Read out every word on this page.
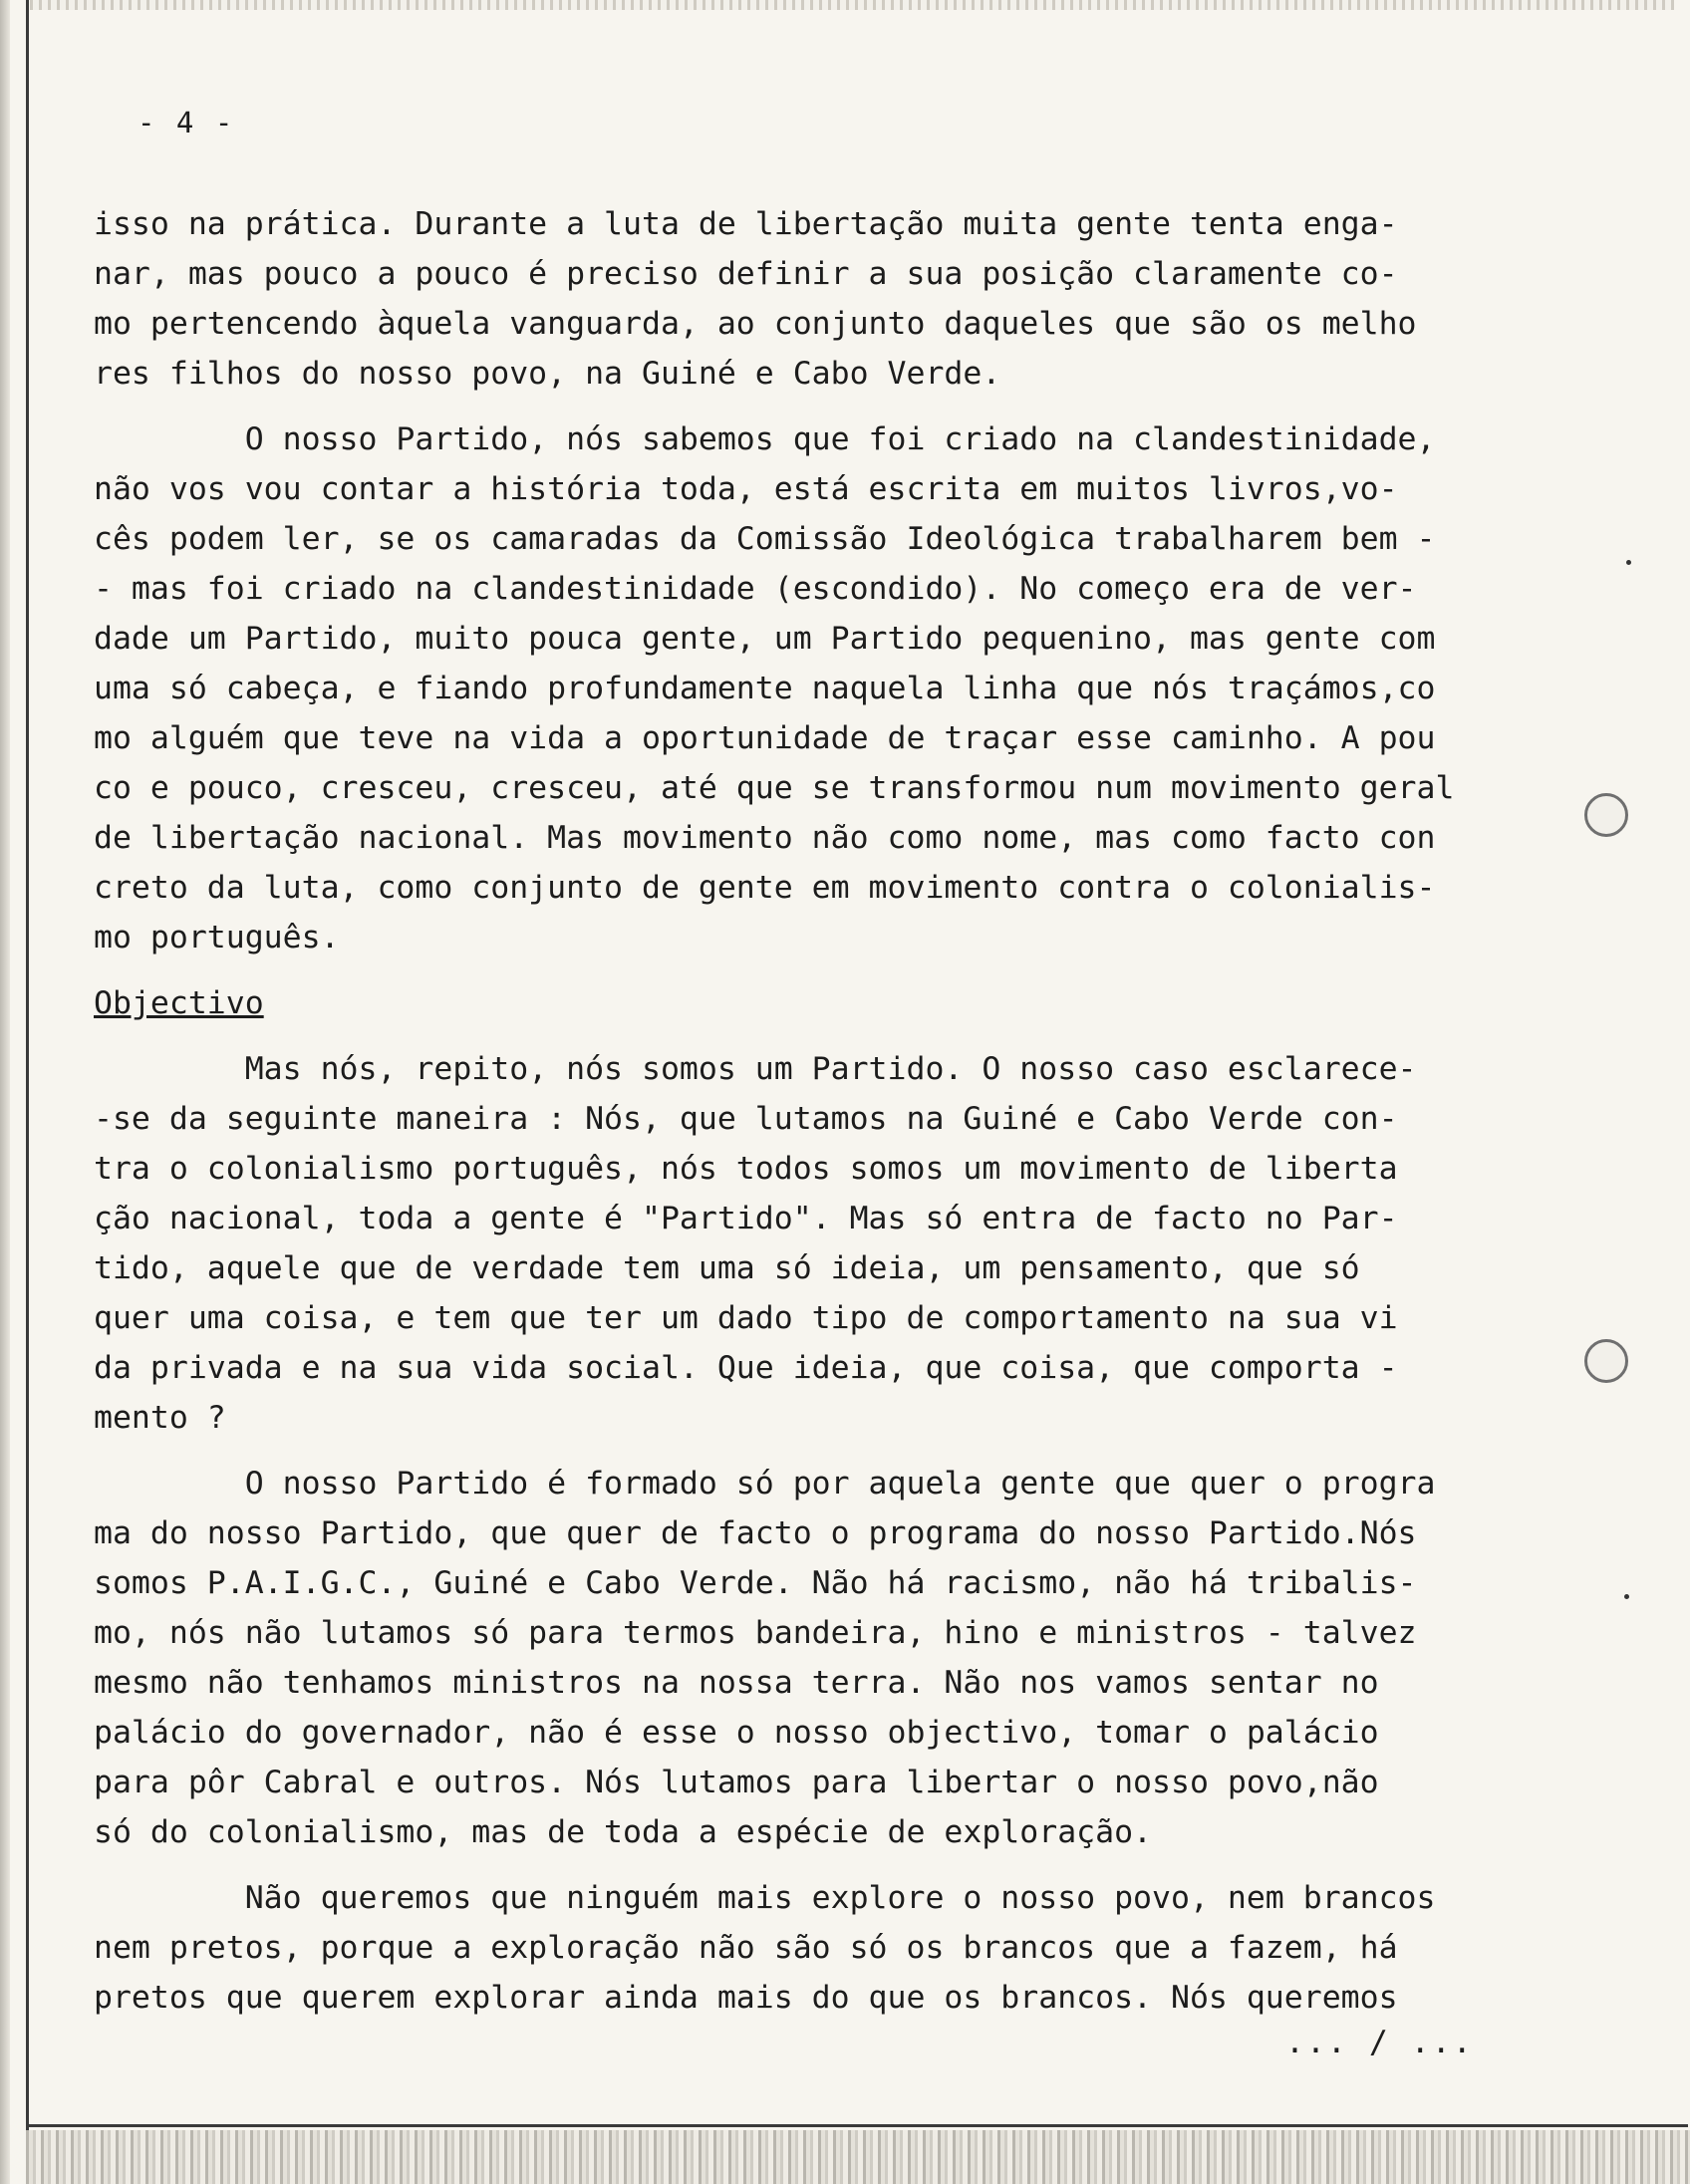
- 4 -

isso na prática. Durante a luta de libertação muita gente tenta enga-
nar, mas pouco a pouco é preciso definir a sua posição claramente co-
mo pertencendo àquela vanguarda, ao conjunto daqueles que são os melho
res filhos do nosso povo, na Guiné e Cabo Verde.

O nosso Partido, nós sabemos que foi criado na clandestinidade,
não vos vou contar a história toda, está escrita em muitos livros,vo-
cês podem ler, se os camaradas da Comissão Ideológica trabalharem bem -
- mas foi criado na clandestinidade (escondido). No começo era de ver-
dade um Partido, muito pouca gente, um Partido pequenino, mas gente com
uma só cabeça, e fiando profundamente naquela linha que nós traçámos,co
mo alguém que teve na vida a oportunidade de traçar esse caminho. A pou
co e pouco, cresceu, cresceu, até que se transformou num movimento geral
de libertação nacional. Mas movimento não como nome, mas como facto con
creto da luta, como conjunto de gente em movimento contra o colonialis-
mo português.

Objectivo

Mas nós, repito, nós somos um Partido. O nosso caso esclarece-
-se da seguinte maneira : Nós, que lutamos na Guiné e Cabo Verde con-
tra o colonialismo português, nós todos somos um movimento de liberta
ção nacional, toda a gente é "Partido". Mas só entra de facto no Par-
tido, aquele que de verdade tem uma só ideia, um pensamento, que só
quer uma coisa, e tem que ter um dado tipo de comportamento na sua vi
da privada e na sua vida social. Que ideia, que coisa, que comporta -
mento ?

O nosso Partido é formado só por aquela gente que quer o progra
ma do nosso Partido, que quer de facto o programa do nosso Partido.Nós
somos P.A.I.G.C., Guiné e Cabo Verde. Não há racismo, não há tribalis-
mo, nós não lutamos só para termos bandeira, hino e ministros - talvez
mesmo não tenhamos ministros na nossa terra. Não nos vamos sentar no
palácio do governador, não é esse o nosso objectivo, tomar o palácio
para pôr Cabral e outros. Nós lutamos para libertar o nosso povo,não
só do colonialismo, mas de toda a espécie de exploração.

Não queremos que ninguém mais explore o nosso povo, nem brancos
nem pretos, porque a exploração não são só os brancos que a fazem, há
pretos que querem explorar ainda mais do que os brancos. Nós queremos

... / ...
